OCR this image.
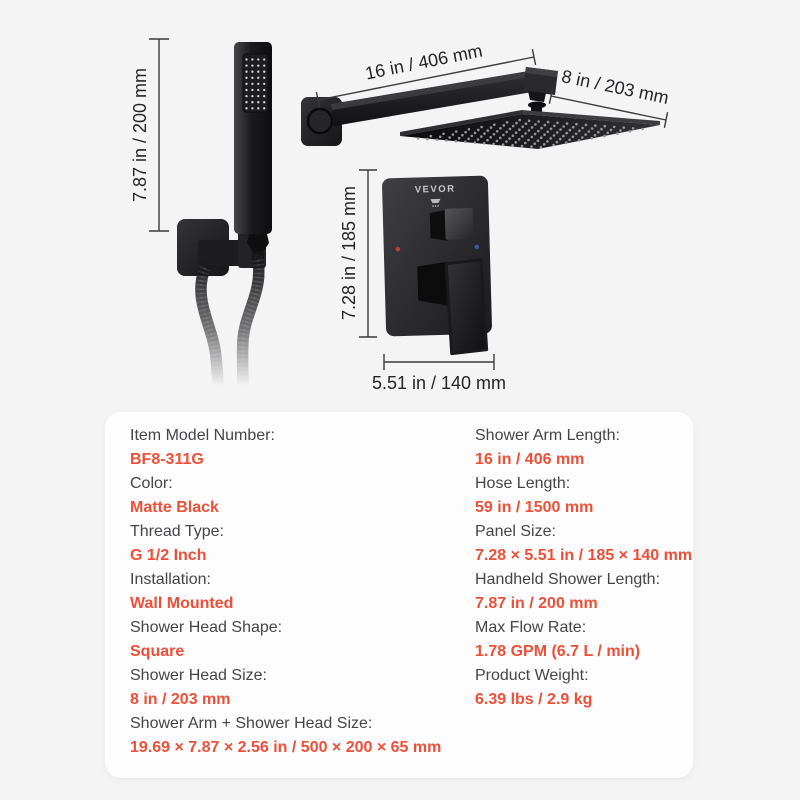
7.87 in / 200 mm
16 in / 406 mm
8 in / 203 mm
7.28 in / 185 mm
5.51 in / 140 mm
VEVOR

Item Model Number:

BF8-311G

Color:

Matte Black

Thread Type:

G 1/2 Inch

Installation:

Wall Mounted

Shower Head Shape:

Square

Shower Head Size:

8 in / 203 mm

Shower Arm + Shower Head Size:

19.69 × 7.87 × 2.56 in / 500 × 200 × 65 mm

Shower Arm Length:

16 in / 406 mm

Hose Length:

59 in / 1500 mm

Panel Size:

7.28 × 5.51 in / 185 × 140 mm

Handheld Shower Length:

7.87 in / 200 mm

Max Flow Rate:

1.78 GPM (6.7 L / min)

Product Weight:

6.39 lbs / 2.9 kg
